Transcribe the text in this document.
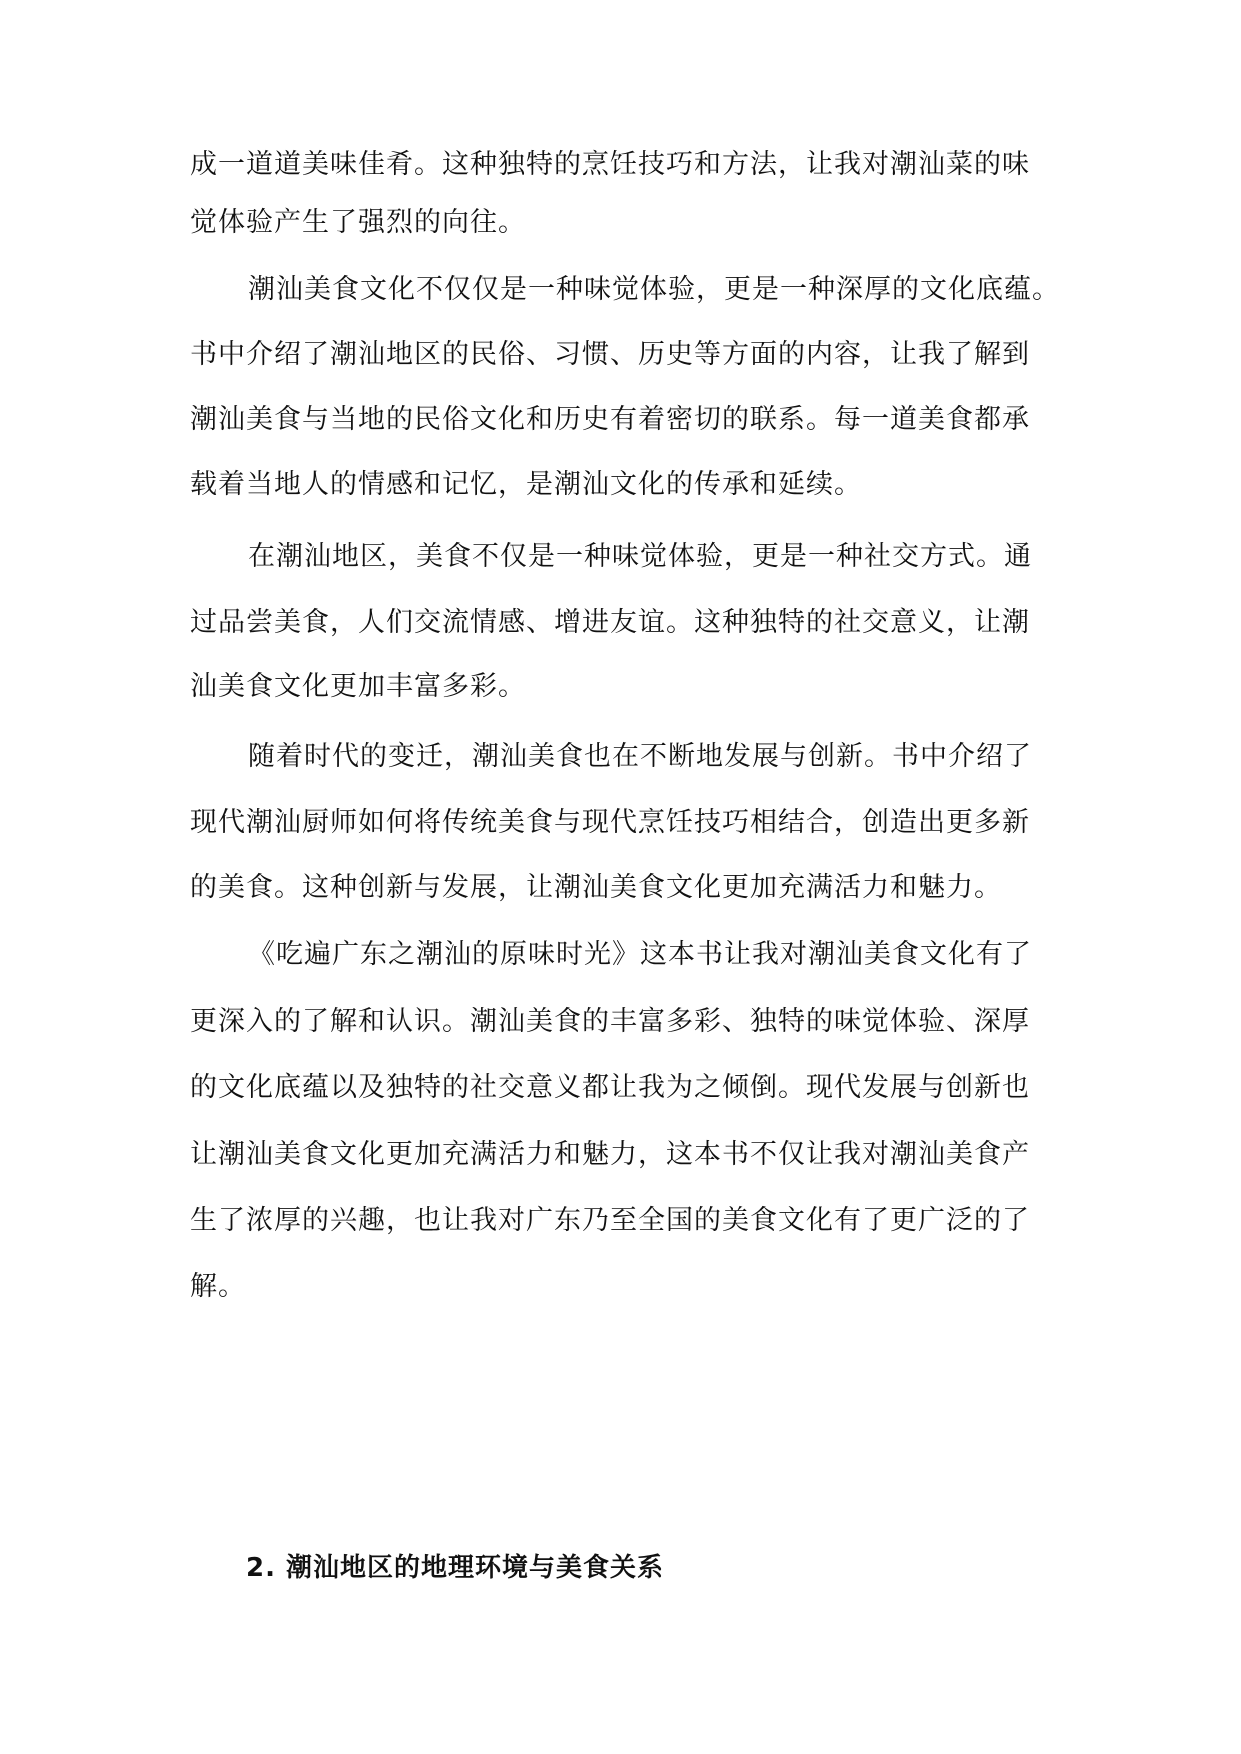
成一道道美味佳肴。这种独特的烹饪技巧和方法，让我对潮汕菜的味
觉体验产生了强烈的向往。
潮汕美食文化不仅仅是一种味觉体验，更是一种深厚的文化底蕴。
书中介绍了潮汕地区的民俗、习惯、历史等方面的内容，让我了解到
潮汕美食与当地的民俗文化和历史有着密切的联系。每一道美食都承
载着当地人的情感和记忆，是潮汕文化的传承和延续。
在潮汕地区，美食不仅是一种味觉体验，更是一种社交方式。通
过品尝美食，人们交流情感、增进友谊。这种独特的社交意义，让潮
汕美食文化更加丰富多彩。
随着时代的变迁，潮汕美食也在不断地发展与创新。书中介绍了
现代潮汕厨师如何将传统美食与现代烹饪技巧相结合，创造出更多新
的美食。这种创新与发展，让潮汕美食文化更加充满活力和魅力。
《吃遍广东之潮汕的原味时光》这本书让我对潮汕美食文化有了
更深入的了解和认识。潮汕美食的丰富多彩、独特的味觉体验、深厚
的文化底蕴以及独特的社交意义都让我为之倾倒。现代发展与创新也
让潮汕美食文化更加充满活力和魅力，这本书不仅让我对潮汕美食产
生了浓厚的兴趣，也让我对广东乃至全国的美食文化有了更广泛的了
解。
2. 潮汕地区的地理环境与美食关系
